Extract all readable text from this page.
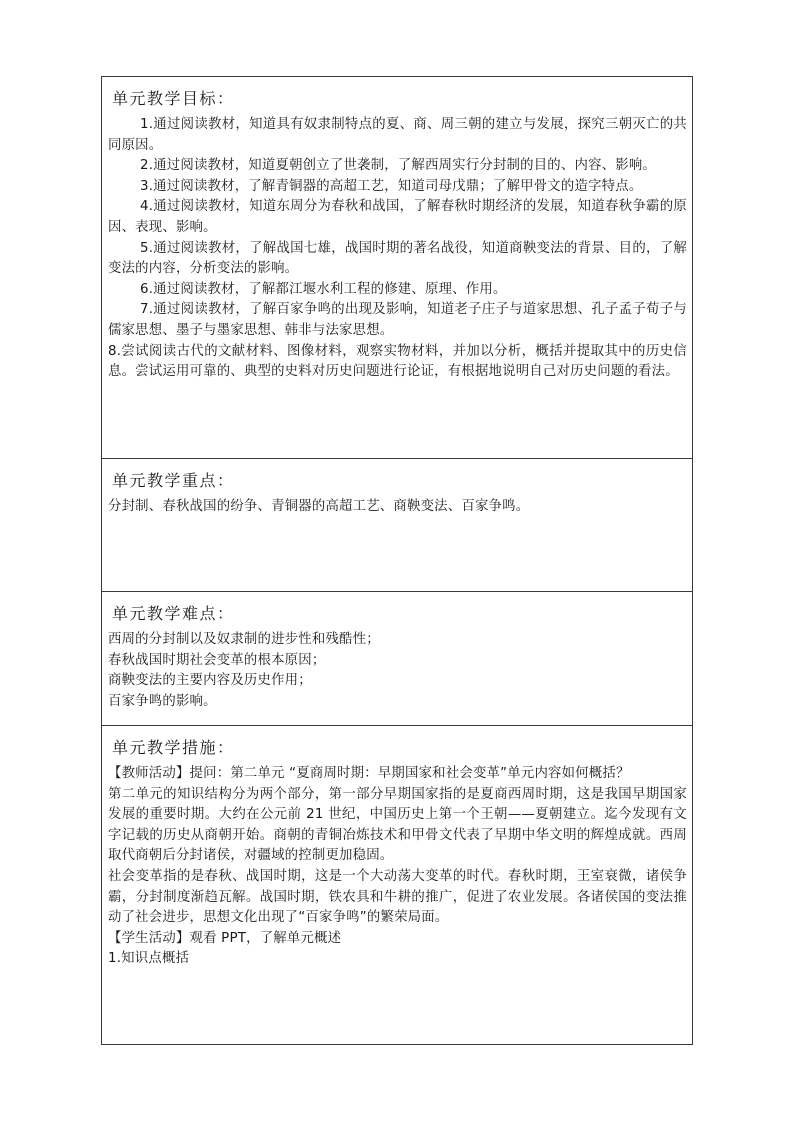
单元教学目标：

1.通过阅读教材，知道具有奴隶制特点的夏、商、周三朝的建立与发展，探究三朝灭亡的共同原因。

2.通过阅读教材，知道夏朝创立了世袭制，了解西周实行分封制的目的、内容、影响。

3.通过阅读教材，了解青铜器的高超工艺，知道司母戊鼎；了解甲骨文的造字特点。

4.通过阅读教材，知道东周分为春秋和战国，了解春秋时期经济的发展，知道春秋争霸的原因、表现、影响。

5.通过阅读教材，了解战国七雄，战国时期的著名战役，知道商鞅变法的背景、目的，了解变法的内容，分析变法的影响。

6.通过阅读教材，了解都江堰水利工程的修建、原理、作用。

7.通过阅读教材，了解百家争鸣的出现及影响，知道老子庄子与道家思想、孔子孟子荀子与儒家思想、墨子与墨家思想、韩非与法家思想。

8.尝试阅读古代的文献材料、图像材料，观察实物材料，并加以分析，概括并提取其中的历史信息。尝试运用可靠的、典型的史料对历史问题进行论证，有根据地说明自己对历史问题的看法。

单元教学重点：

分封制、春秋战国的纷争、青铜器的高超工艺、商鞅变法、百家争鸣。

单元教学难点：

西周的分封制以及奴隶制的进步性和残酷性；

春秋战国时期社会变革的根本原因；

商鞅变法的主要内容及历史作用；

百家争鸣的影响。

单元教学措施：

【教师活动】提问：第二单元 “夏商周时期：早期国家和社会变革”单元内容如何概括？

第二单元的知识结构分为两个部分，第一部分早期国家指的是夏商西周时期，这是我国早期国家发展的重要时期。大约在公元前 21 世纪，中国历史上第一个王朝——夏朝建立。迄今发现有文字记载的历史从商朝开始。商朝的青铜冶炼技术和甲骨文代表了早期中华文明的辉煌成就。西周取代商朝后分封诸侯，对疆域的控制更加稳固。

社会变革指的是春秋、战国时期，这是一个大动荡大变革的时代。春秋时期，王室衰微，诸侯争霸，分封制度渐趋瓦解。战国时期，铁农具和牛耕的推广，促进了农业发展。各诸侯国的变法推动了社会进步，思想文化出现了“百家争鸣”的繁荣局面。

【学生活动】观看 PPT，了解单元概述

1.知识点概括
